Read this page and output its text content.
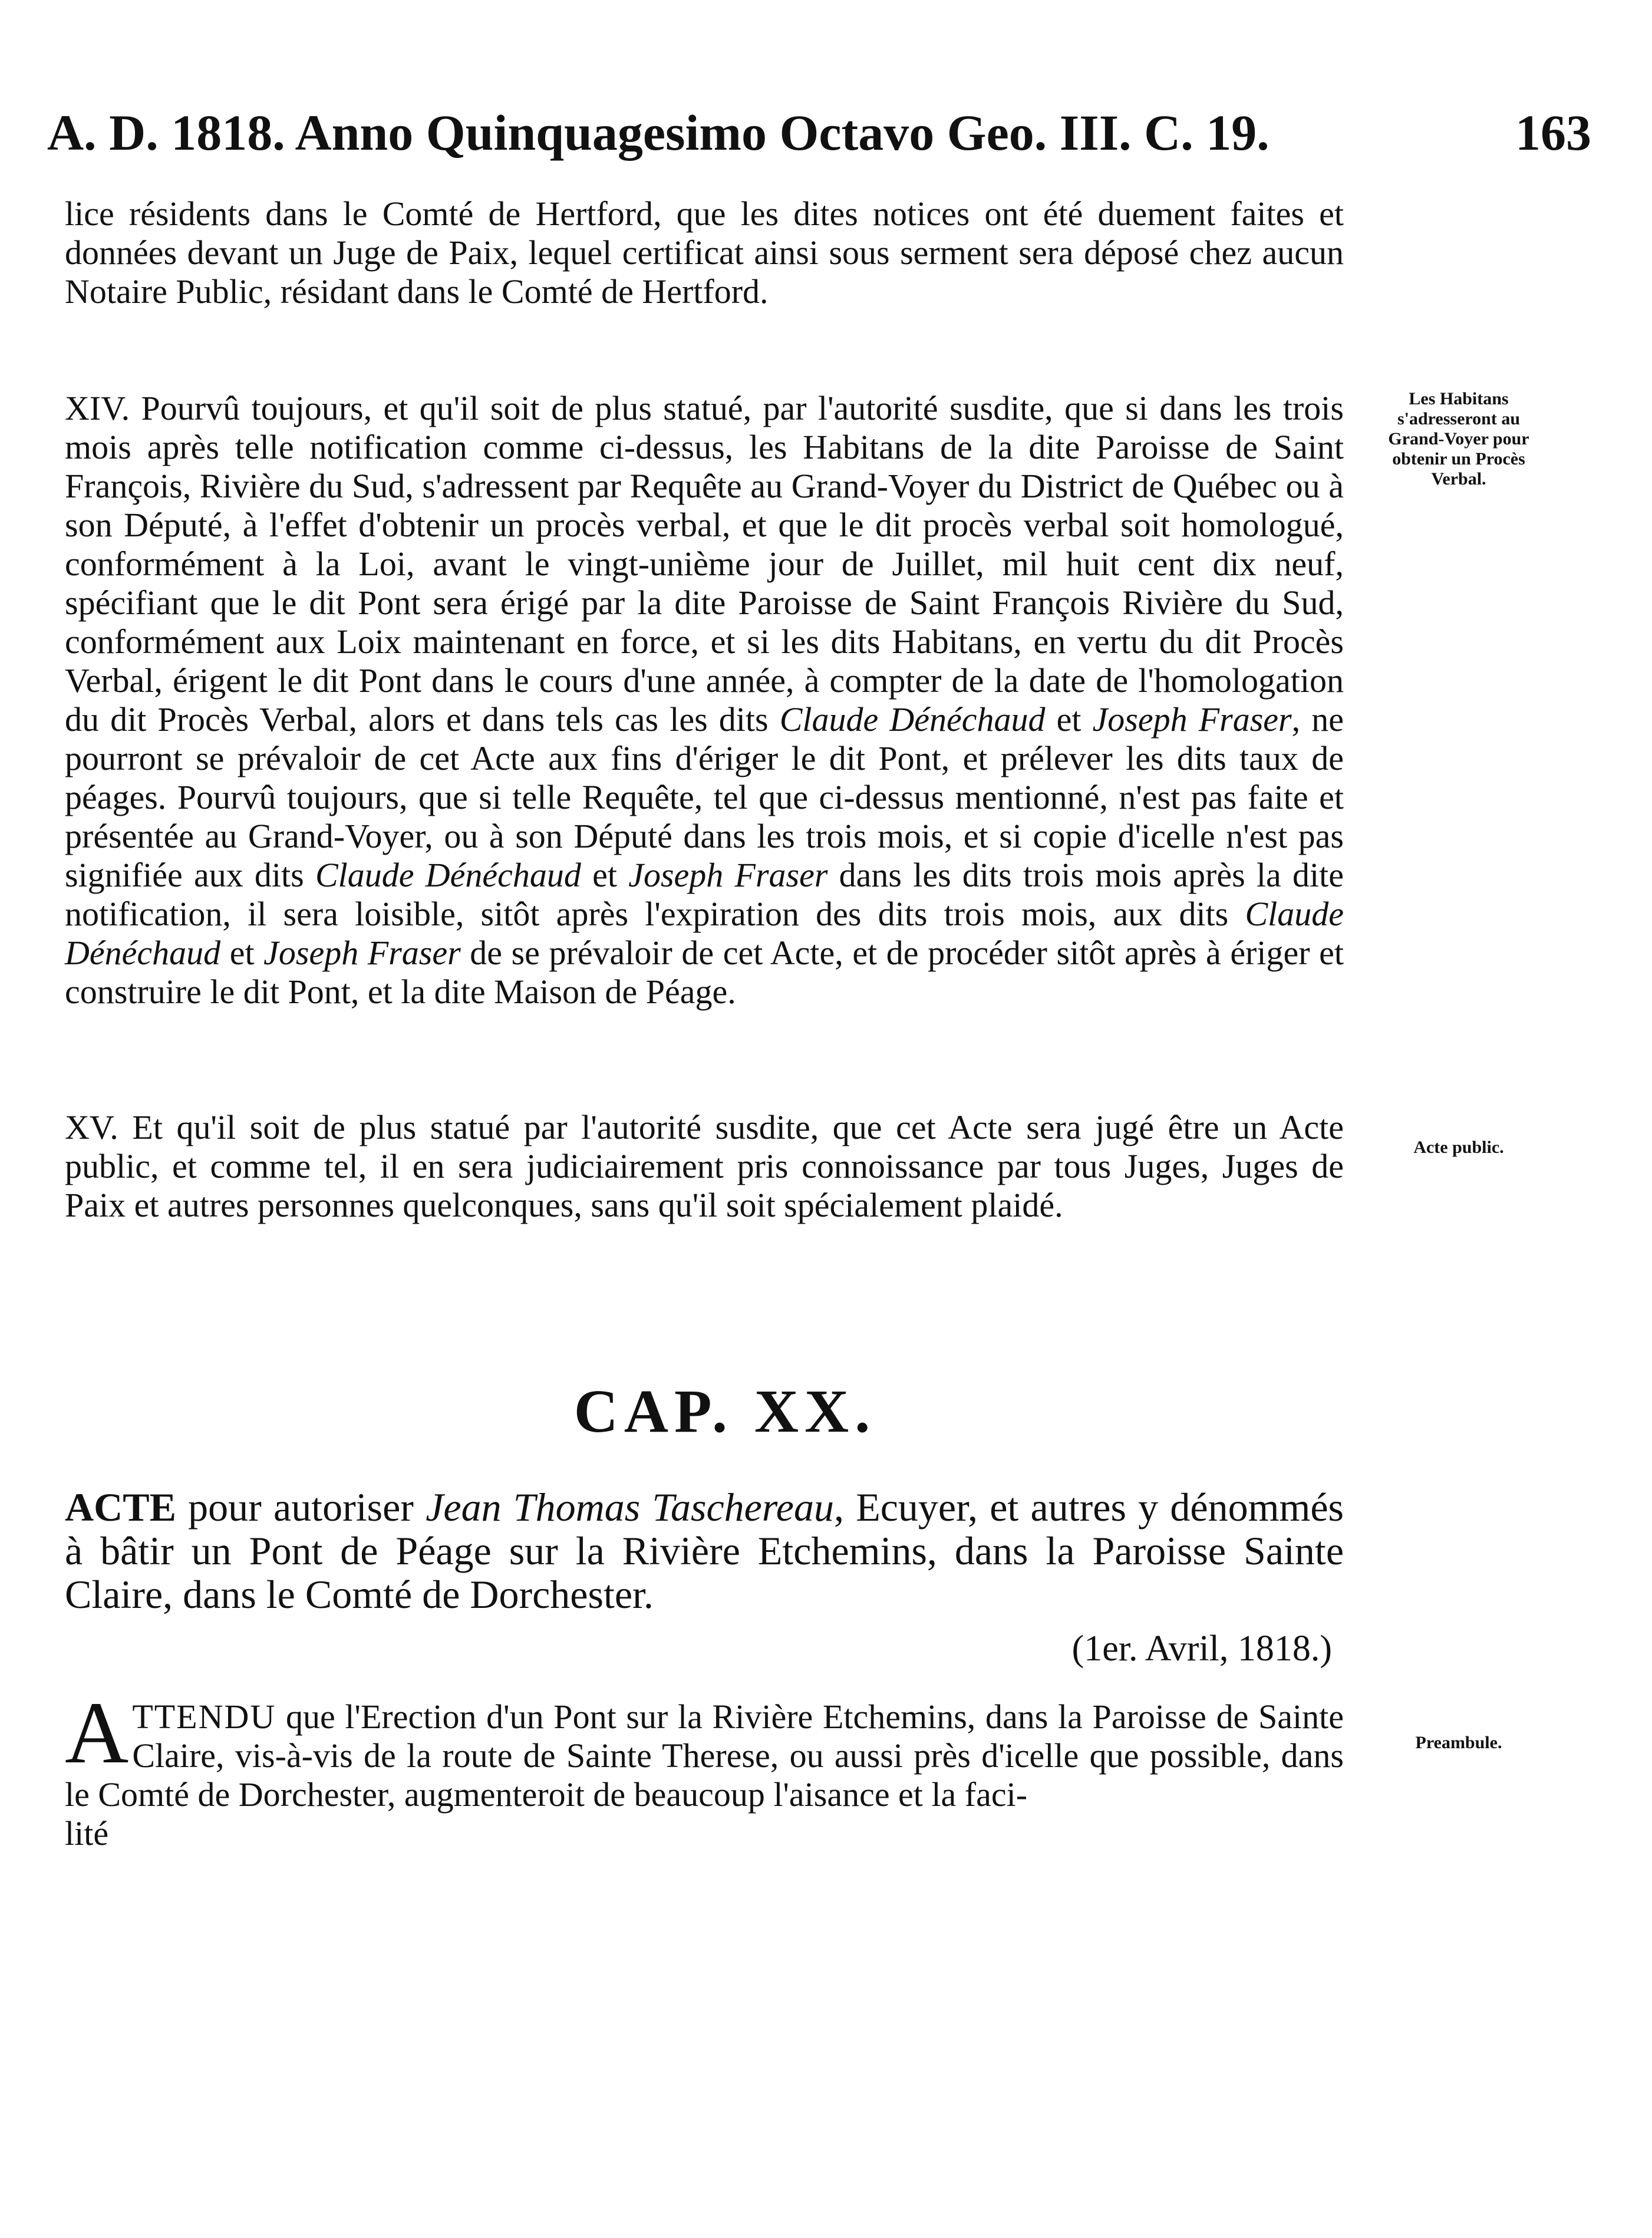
A. D. 1818. Anno Quinquagesimo Octavo Geo. III. C. 19.	163

lice résidents dans le Comté de Hertford, que les dites notices ont été duement faites et données devant un Juge de Paix, lequel certificat ainsi sous serment sera déposé chez aucun Notaire Public, résidant dans le Comté de Hertford.

XIV. Pourvû toujours, et qu'il soit de plus statué, par l'autorité susdite, que si dans les trois mois après telle notification comme ci-dessus, les Habitans de la dite Paroisse de Saint François, Rivière du Sud, s'adressent par Requête au Grand-Voyer du District de Québec ou à son Député, à l'effet d'obtenir un procès verbal, et que le dit procès verbal soit homologué, conformément à la Loi, avant le vingt-unième jour de Juillet, mil huit cent dix neuf, spécifiant que le dit Pont sera érigé par la dite Paroisse de Saint François Rivière du Sud, conformément aux Loix maintenant en force, et si les dits Habitans, en vertu du dit Procès Verbal, érigent le dit Pont dans le cours d'une année, à compter de la date de l'homologation du dit Procès Verbal, alors et dans tels cas les dits Claude Dénéchaud et Joseph Fraser, ne pourront se prévaloir de cet Acte aux fins d'ériger le dit Pont, et prélever les dits taux de péages. Pourvû toujours, que si telle Requête, tel que ci-dessus mentionné, n'est pas faite et présentée au Grand-Voyer, ou à son Député dans les trois mois, et si copie d'icelle n'est pas signifiée aux dits Claude Dénéchaud et Joseph Fraser dans les dits trois mois après la dite notification, il sera loisible, sitôt après l'expiration des dits trois mois, aux dits Claude Dénéchaud et Joseph Fraser de se prévaloir de cet Acte, et de procéder sitôt après à ériger et construire le dit Pont, et la dite Maison de Péage.

Les Habitans s'adresseront au Grand-Voyer pour obtenir un Procès Verbal.

XV. Et qu'il soit de plus statué par l'autorité susdite, que cet Acte sera jugé être un Acte public, et comme tel, il en sera judiciairement pris connoissance par tous Juges, Juges de Paix et autres personnes quelconques, sans qu'il soit spécialement plaidé.

Acte public.
CAP. XX.

ACTE pour autoriser Jean Thomas Taschereau, Ecuyer, et autres y dénommés à bâtir un Pont de Péage sur la Rivière Etchemins, dans la Paroisse Sainte Claire, dans le Comté de Dorchester.

(1er. Avril, 1818.)
ATTENDU que l'Erection d'un Pont sur la Rivière Etchemins, dans la Paroisse de Sainte Claire, vis-à-vis de la route de Sainte Therese, ou aussi près d'icelle que possible, dans le Comté de Dorchester, augmenteroit de beaucoup l'aisance et la faci-
lité
Preambule.
